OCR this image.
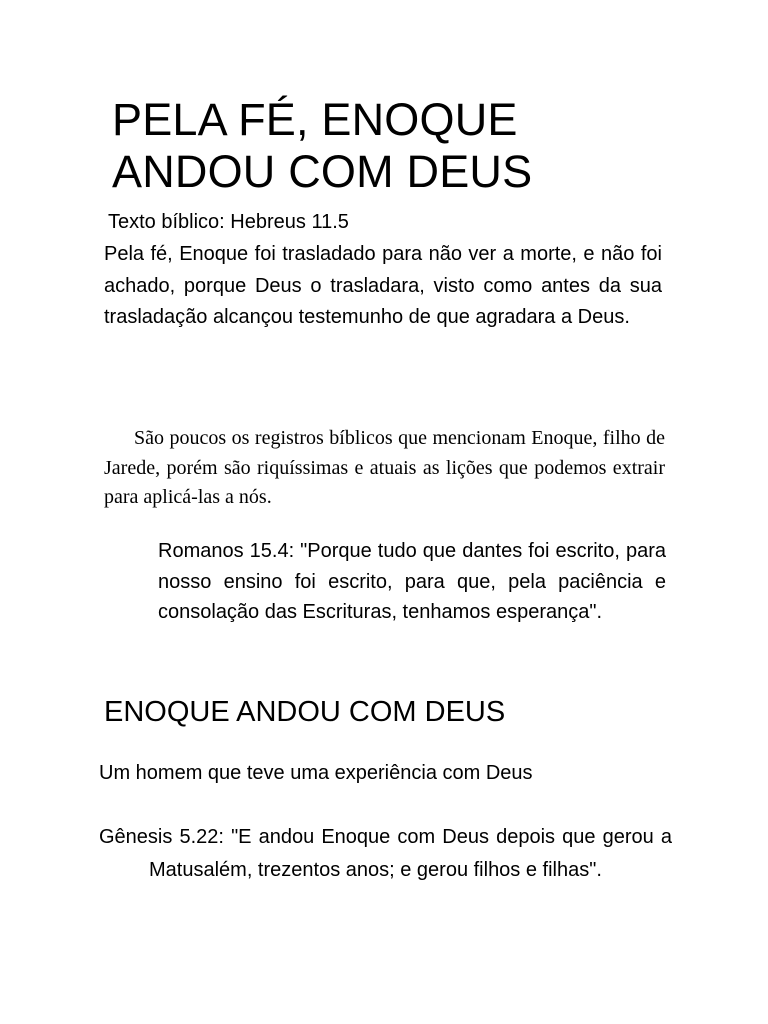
PELA FÉ, ENOQUE ANDOU COM DEUS

Texto bíblico: Hebreus 11.5

Pela fé, Enoque foi trasladado para não ver a morte, e não foi achado, porque Deus o trasladara, visto como antes da sua trasladação alcançou testemunho de que agradara a Deus.

São poucos os registros bíblicos que mencionam Enoque, filho de Jarede, porém são riquíssimas e atuais as lições que podemos extrair para aplicá-las a nós.

Romanos 15.4: "Porque tudo que dantes foi escrito, para nosso ensino foi escrito, para que, pela paciência e consolação das Escrituras, tenhamos esperança".

ENOQUE ANDOU COM DEUS

Um homem que teve uma experiência com Deus

Gênesis 5.22: "E andou Enoque com Deus depois que gerou a Matusalém, trezentos anos; e gerou filhos e filhas".
